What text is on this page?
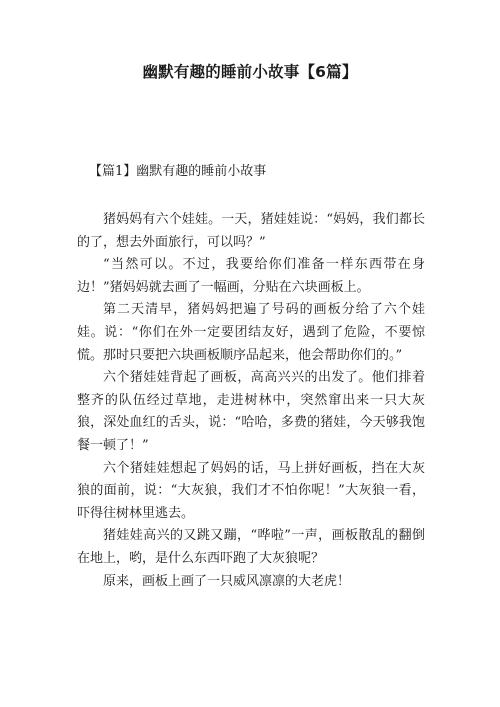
幽默有趣的睡前小故事【6篇】
【篇1】幽默有趣的睡前小故事

猪妈妈有六个娃娃。一天，猪娃娃说：“妈妈，我们都长的了，想去外面旅行，可以吗？”

“当然可以。不过，我要给你们准备一样东西带在身边！”猪妈妈就去画了一幅画，分贴在六块画板上。

第二天清早，猪妈妈把遍了号码的画板分给了六个娃娃。说：“你们在外一定要团结友好，遇到了危险，不要惊慌。那时只要把六块画板顺序品起来，他会帮助你们的。”

六个猪娃娃背起了画板，高高兴兴的出发了。他们排着整齐的队伍经过草地，走进树林中，突然窜出来一只大灰狼，深处血红的舌头，说：“哈哈，多费的猪娃，今天够我饱餐一顿了！”

六个猪娃娃想起了妈妈的话，马上拼好画板，挡在大灰狼的面前，说：“大灰狼，我们才不怕你呢！”大灰狼一看，吓得往树林里逃去。

猪娃娃高兴的又跳又蹦，“哗啦”一声，画板散乱的翻倒在地上，哟，是什么东西吓跑了大灰狼呢？

原来，画板上画了一只威风凛凛的大老虎！
